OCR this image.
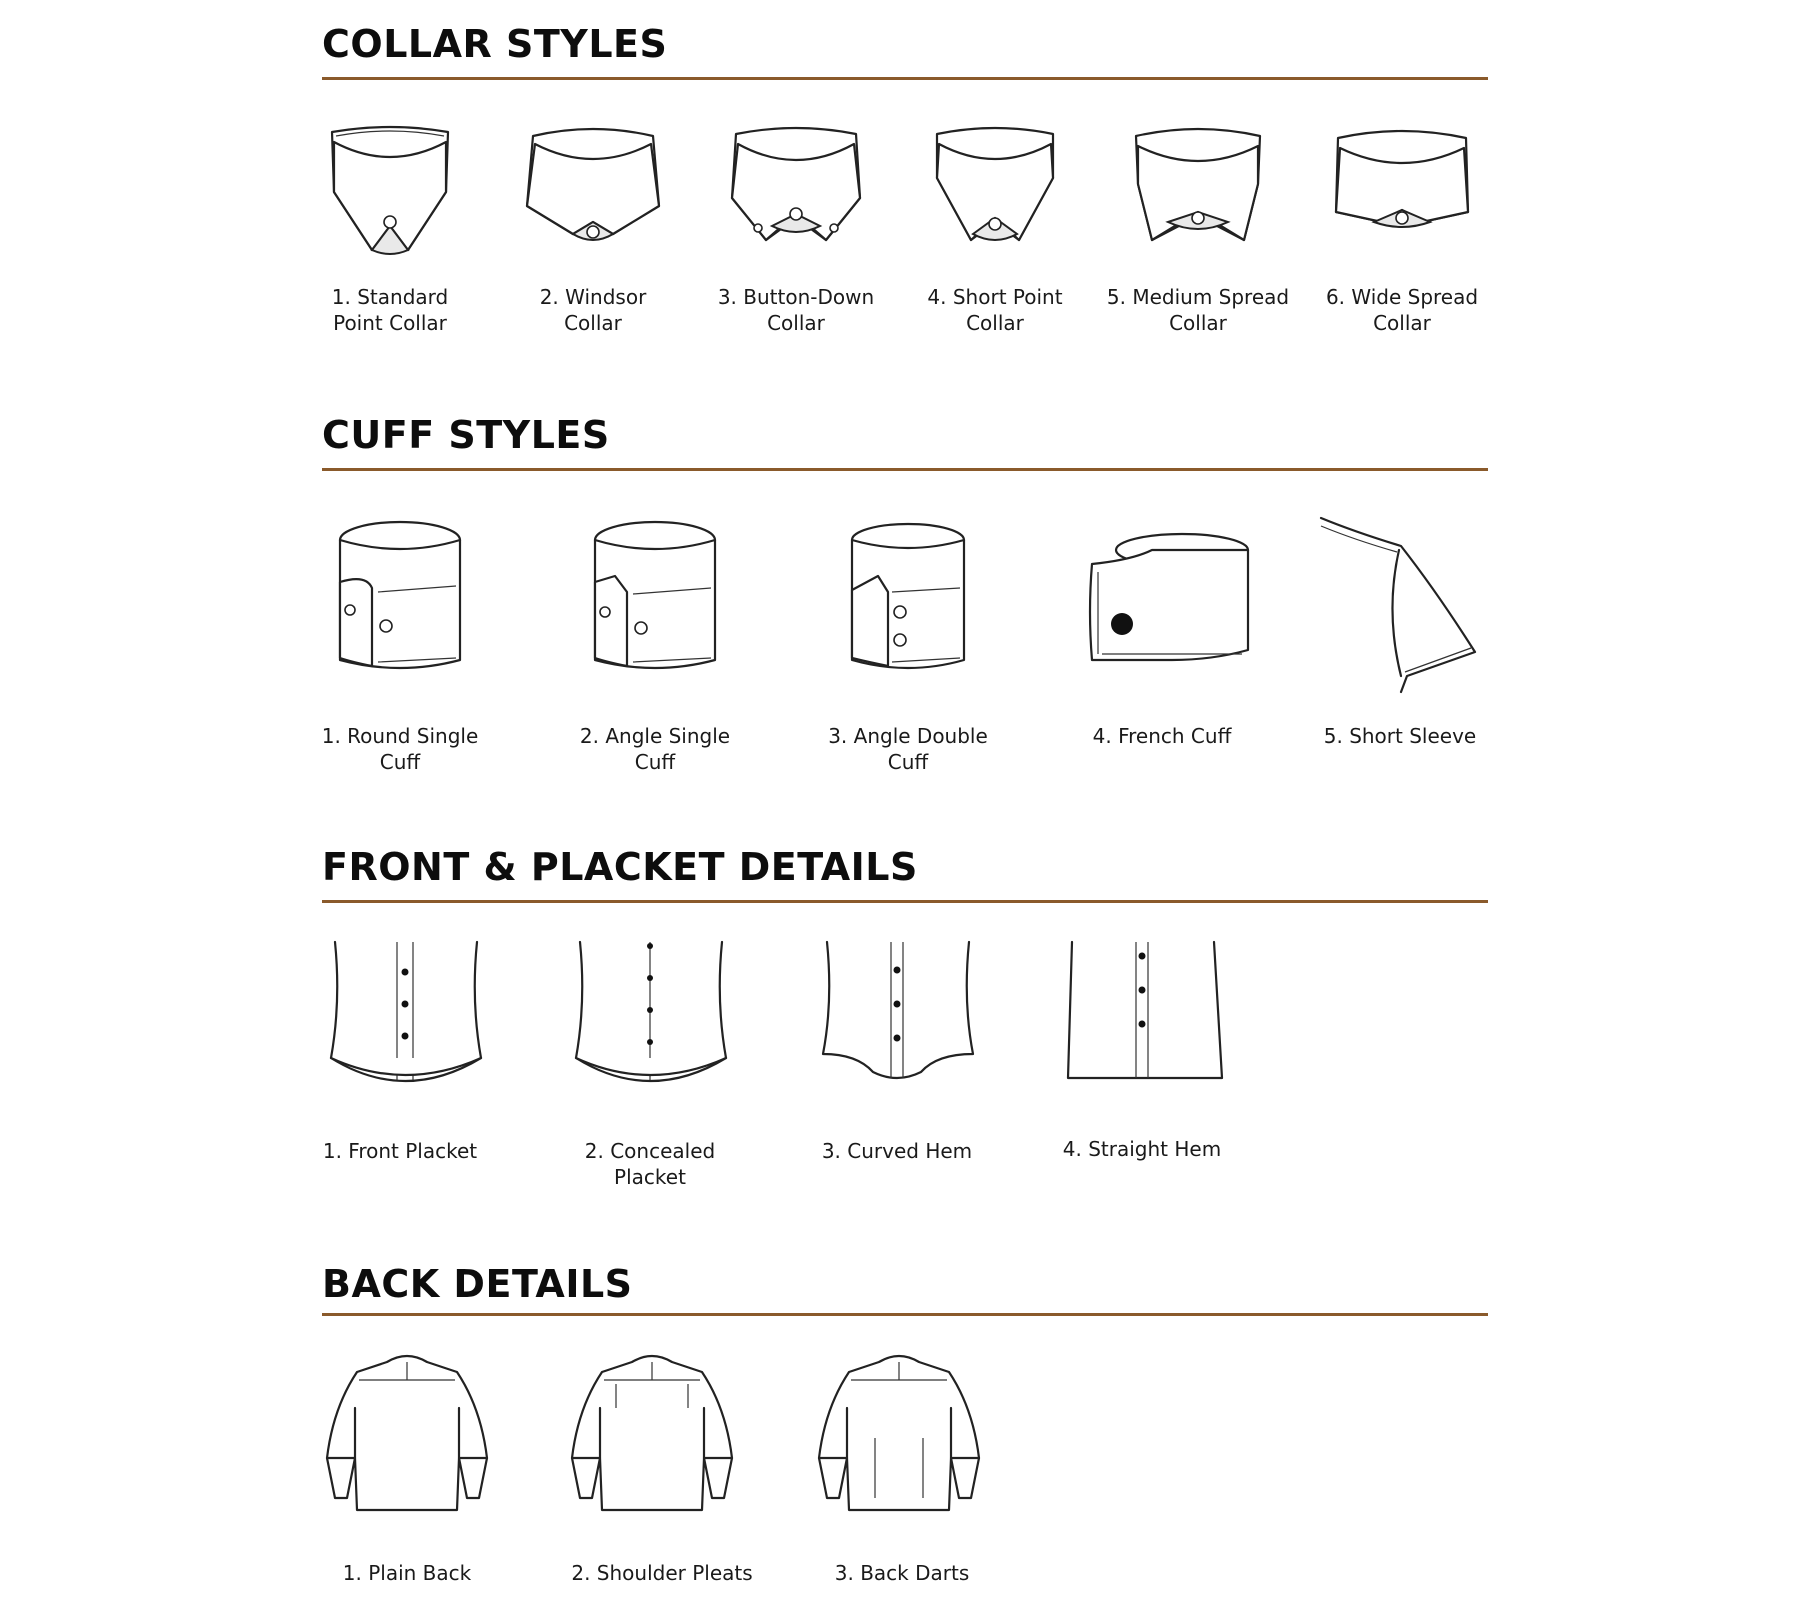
COLLAR STYLES
1. Standard
Point Collar
2. Windsor
Collar
3. Button-Down
Collar
4. Short Point
Collar
5. Medium Spread
Collar
6. Wide Spread
Collar
CUFF STYLES
1. Round Single
Cuff
2. Angle Single
Cuff
3. Angle Double
Cuff
4. French Cuff	5. Short Sleeve
FRONT & PLACKET DETAILS
1. Front Placket	2. Concealed
Placket
3. Curved Hem	4. Straight Hem
BACK DETAILS
1. Plain Back	2. Shoulder Pleats	3. Back Darts
